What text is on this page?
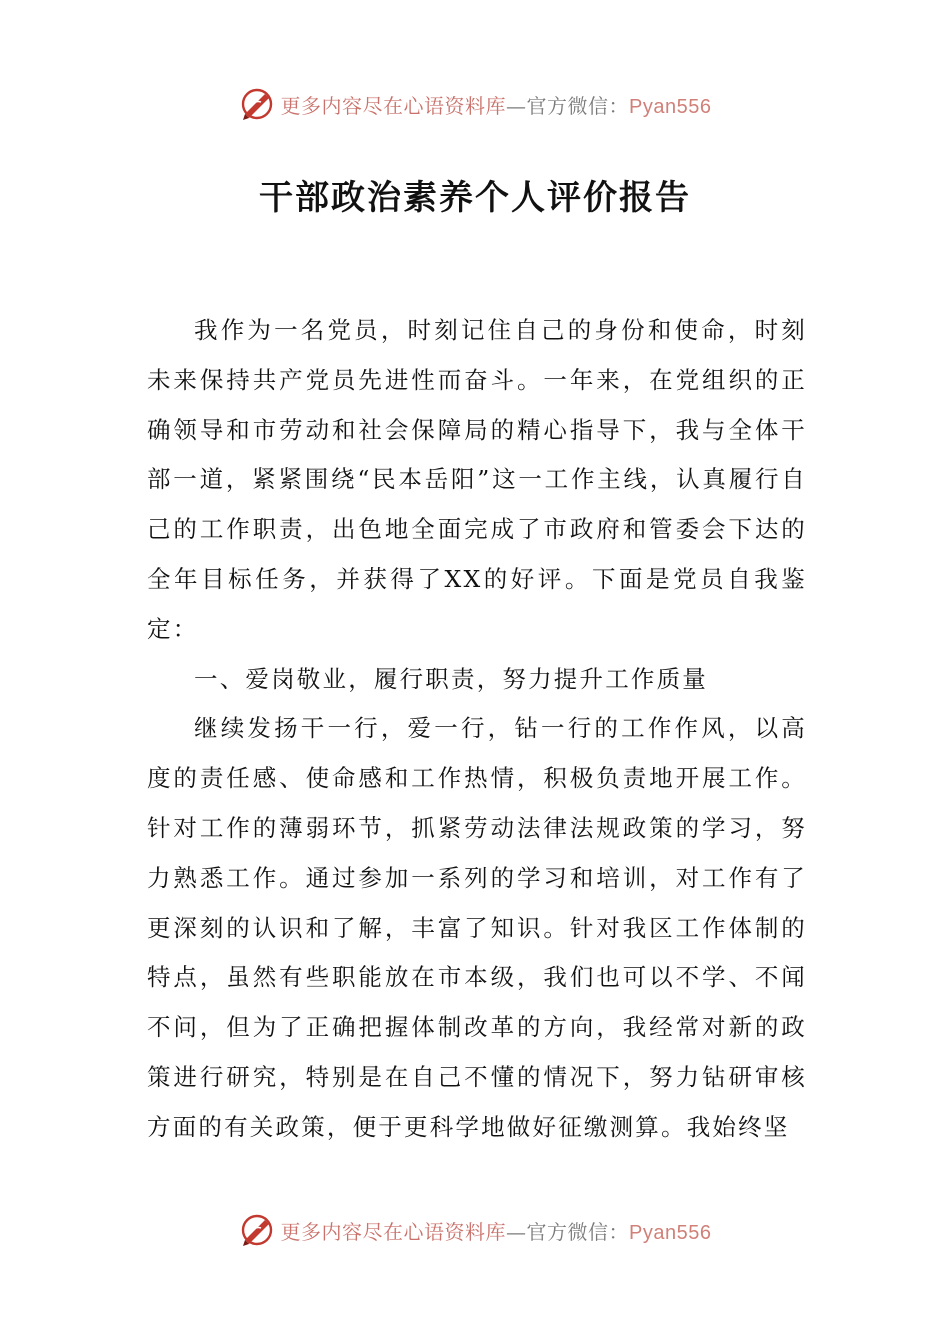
更多内容尽在心语资料库—官方微信：Pyan556
干部政治素养个人评价报告

我作为一名党员，时刻记住自己的身份和使命，时刻未来保持共产党员先进性而奋斗。一年来，在党组织的正确领导和市劳动和社会保障局的精心指导下，我与全体干部一道，紧紧围绕“民本岳阳”这一工作主线，认真履行自己的工作职责，出色地全面完成了市政府和管委会下达的全年目标任务，并获得了XX的好评。下面是党员自我鉴定：

一、爱岗敬业，履行职责，努力提升工作质量

继续发扬干一行，爱一行，钻一行的工作作风，以高度的责任感、使命感和工作热情，积极负责地开展工作。针对工作的薄弱环节，抓紧劳动法律法规政策的学习，努力熟悉工作。通过参加一系列的学习和培训，对工作有了更深刻的认识和了解，丰富了知识。针对我区工作体制的特点，虽然有些职能放在市本级，我们也可以不学、不闻不问，但为了正确把握体制改革的方向，我经常对新的政策进行研究，特别是在自己不懂的情况下，努力钻研审核方面的有关政策，便于更科学地做好征缴测算。我始终坚

更多内容尽在心语资料库—官方微信：Pyan556
